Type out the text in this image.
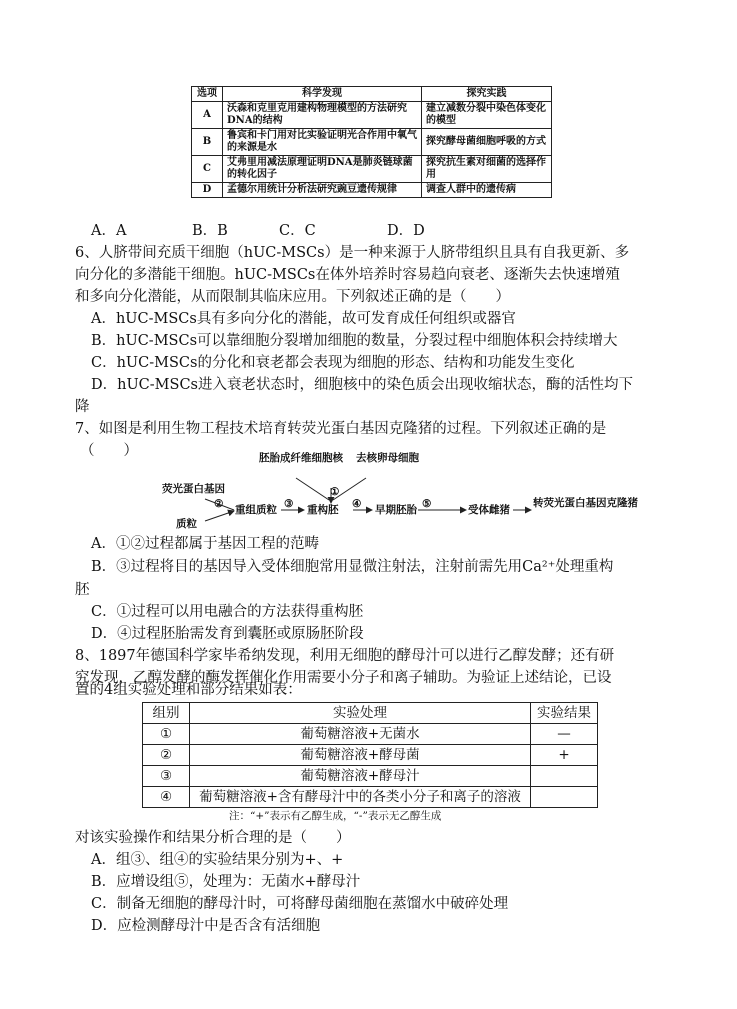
选项	科学发现	探究实践
A	沃森和克里克用建构物理模型的方法研究DNA的结构	建立减数分裂中染色体变化的模型
B	鲁宾和卡门用对比实验证明光合作用中氧气的来源是水	探究酵母菌细胞呼吸的方式
C	艾弗里用减法原理证明DNA是肺炎链球菌的转化因子	探究抗生素对细菌的选择作用
D	孟德尔用统计分析法研究豌豆遗传规律	调查人群中的遗传病
A．A	B．B	C．C	D．D
6、人脐带间充质干细胞（hUC-MSCs）是一种来源于人脐带组织且具有自我更新、多
向分化的多潜能干细胞。hUC-MSCs在体外培养时容易趋向衰老、逐渐失去快速增殖
和多向分化潜能，从而限制其临床应用。下列叙述正确的是（　　）
A．hUC-MSCs具有多向分化的潜能，故可发育成任何组织或器官
B．hUC-MSCs可以靠细胞分裂增加细胞的数量，分裂过程中细胞体积会持续增大
C．hUC-MSCs的分化和衰老都会表现为细胞的形态、结构和功能发生变化
D．hUC-MSCs进入衰老状态时，细胞核中的染色质会出现收缩状态，酶的活性均下
降
7、如图是利用生物工程技术培育转荧光蛋白基因克隆猪的过程。下列叙述正确的是
（　　）
荧光蛋白基因
质粒
② 重组质粒 ③
胚胎成纤维细胞核 去核卵母细胞
①
重构胚 ④ 早期胚胎 ⑤	受体雌猪
转荧光蛋白基因克隆猪
A．①②过程都属于基因工程的范畴
B．③过程将目的基因导入受体细胞常用显微注射法，注射前需先用Ca²⁺处理重构
胚
C．①过程可以用电融合的方法获得重构胚
D．④过程胚胎需发育到囊胚或原肠胚阶段
8、1897年德国科学家毕希纳发现，利用无细胞的酵母汁可以进行乙醇发酵；还有研
究发现，乙醇发酵的酶发挥催化作用需要小分子和离子辅助。为验证上述结论，已设
置的4组实验处理和部分结果如表：
组别	实验处理	实验结果
①	葡萄糖溶液+无菌水	—
②	葡萄糖溶液+酵母菌	+
③	葡萄糖溶液+酵母汁	
④	葡萄糖溶液+含有酵母汁中的各类小分子和离子的溶液	
注：“+”表示有乙醇生成，“-”表示无乙醇生成
对该实验操作和结果分析合理的是（　　）
A．组③、组④的实验结果分别为+、+
B．应增设组⑤，处理为：无菌水+酵母汁
C．制备无细胞的酵母汁时，可将酵母菌细胞在蒸馏水中破碎处理
D．应检测酵母汁中是否含有活细胞
